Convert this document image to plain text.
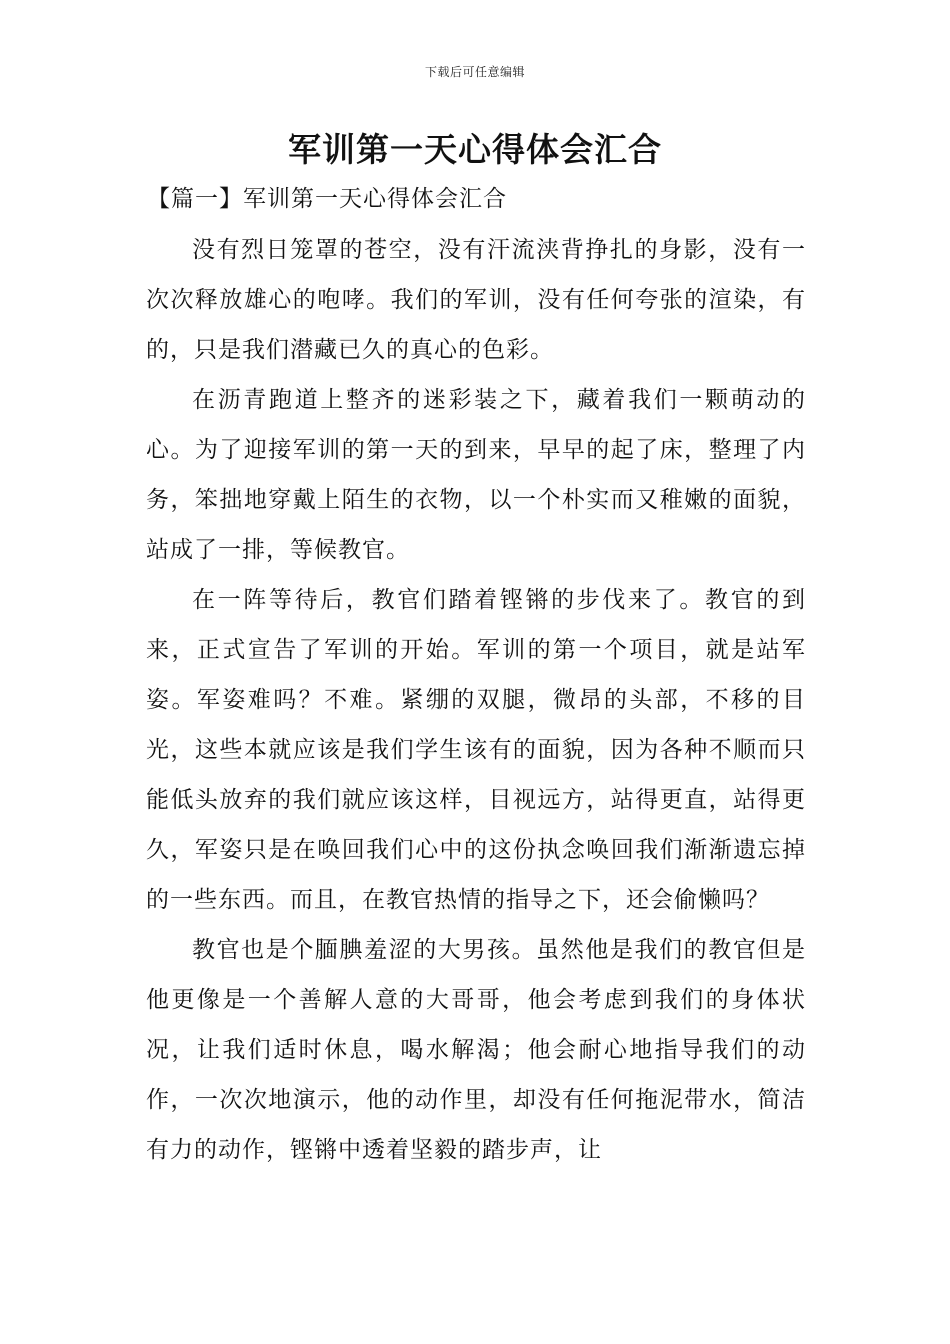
下载后可任意编辑
军训第一天心得体会汇合
【篇一】军训第一天心得体会汇合

没有烈日笼罩的苍空，没有汗流浃背挣扎的身影，没有一次次释放雄心的咆哮。我们的军训，没有任何夸张的渲染，有的，只是我们潜藏已久的真心的色彩。

在沥青跑道上整齐的迷彩装之下，藏着我们一颗萌动的心。为了迎接军训的第一天的到来，早早的起了床，整理了内务，笨拙地穿戴上陌生的衣物，以一个朴实而又稚嫩的面貌，站成了一排，等候教官。

在一阵等待后，教官们踏着铿锵的步伐来了。教官的到来，正式宣告了军训的开始。军训的第一个项目，就是站军姿。军姿难吗？不难。紧绷的双腿，微昂的头部，不移的目光，这些本就应该是我们学生该有的面貌，因为各种不顺而只能低头放弃的我们就应该这样，目视远方，站得更直，站得更久，军姿只是在唤回我们心中的这份执念唤回我们渐渐遗忘掉的一些东西。而且，在教官热情的指导之下，还会偷懒吗？

教官也是个腼腆羞涩的大男孩。虽然他是我们的教官但是他更像是一个善解人意的大哥哥，他会考虑到我们的身体状况，让我们适时休息，喝水解渴；他会耐心地指导我们的动作，一次次地演示，他的动作里，却没有任何拖泥带水，简洁有力的动作，铿锵中透着坚毅的踏步声，让
